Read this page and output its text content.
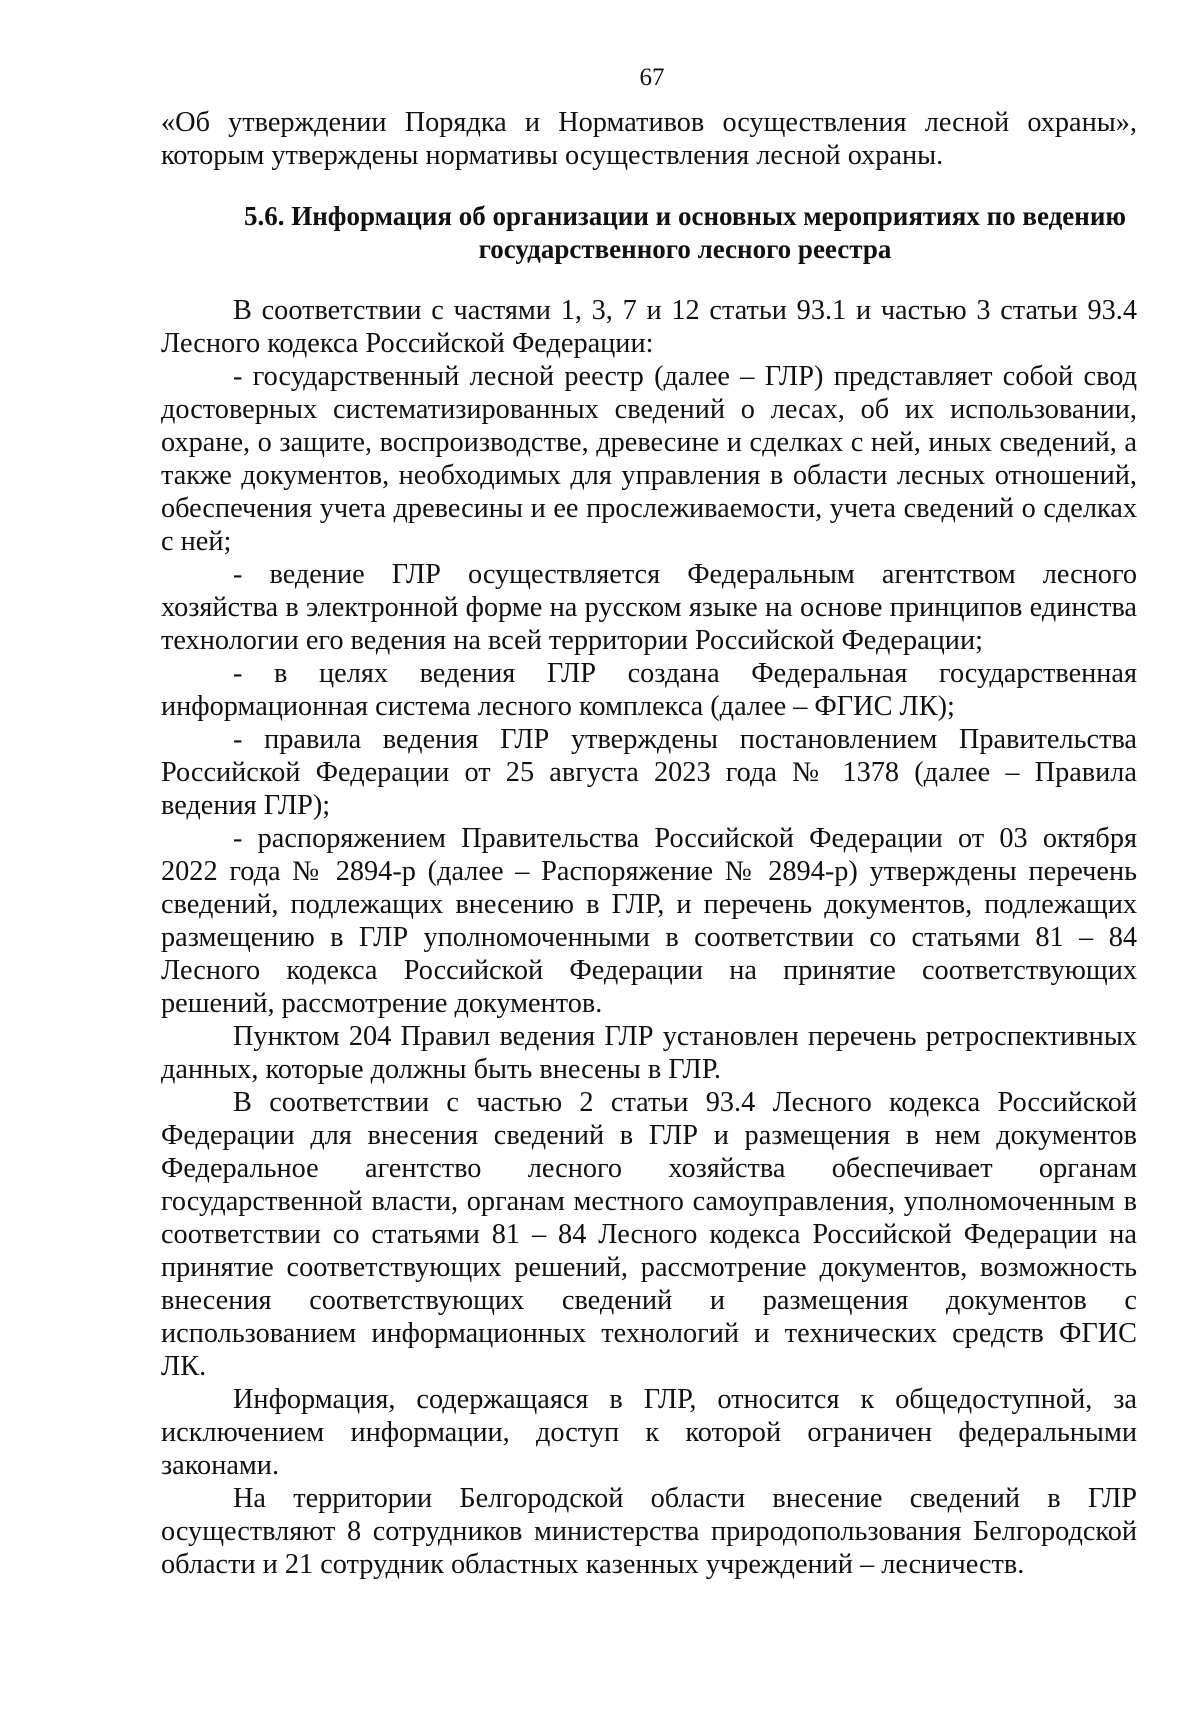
67

«Об утверждении Порядка и Нормативов осуществления лесной охраны», которым утверждены нормативы осуществления лесной охраны.

5.6. Информация об организации и основных мероприятиях по ведению государственного лесного реестра

В соответствии с частями 1, 3, 7 и 12 статьи 93.1 и частью 3 статьи 93.4 Лесного кодекса Российской Федерации:

- государственный лесной реестр (далее – ГЛР) представляет собой свод достоверных систематизированных сведений о лесах, об их использовании, охране, о защите, воспроизводстве, древесине и сделках с ней, иных сведений, а также документов, необходимых для управления в области лесных отношений, обеспечения учета древесины и ее прослеживаемости, учета сведений о сделках с ней;

- ведение ГЛР осуществляется Федеральным агентством лесного хозяйства в электронной форме на русском языке на основе принципов единства технологии его ведения на всей территории Российской Федерации;

- в целях ведения ГЛР создана Федеральная государственная информационная система лесного комплекса (далее – ФГИС ЛК);

- правила ведения ГЛР утверждены постановлением Правительства Российской Федерации от 25 августа 2023 года № 1378 (далее – Правила ведения ГЛР);

- распоряжением Правительства Российской Федерации от 03 октября 2022 года № 2894-р (далее – Распоряжение № 2894-р) утверждены перечень сведений, подлежащих внесению в ГЛР, и перечень документов, подлежащих размещению в ГЛР уполномоченными в соответствии со статьями 81 – 84 Лесного кодекса Российской Федерации на принятие соответствующих решений, рассмотрение документов.

Пунктом 204 Правил ведения ГЛР установлен перечень ретроспективных данных, которые должны быть внесены в ГЛР.

В соответствии с частью 2 статьи 93.4 Лесного кодекса Российской Федерации для внесения сведений в ГЛР и размещения в нем документов Федеральное агентство лесного хозяйства обеспечивает органам государственной власти, органам местного самоуправления, уполномоченным в соответствии со статьями 81 – 84 Лесного кодекса Российской Федерации на принятие соответствующих решений, рассмотрение документов, возможность внесения соответствующих сведений и размещения документов с использованием информационных технологий и технических средств ФГИС ЛК.

Информация, содержащаяся в ГЛР, относится к общедоступной, за исключением информации, доступ к которой ограничен федеральными законами.

На территории Белгородской области внесение сведений в ГЛР осуществляют 8 сотрудников министерства природопользования Белгородской области и 21 сотрудник областных казенных учреждений – лесничеств.
